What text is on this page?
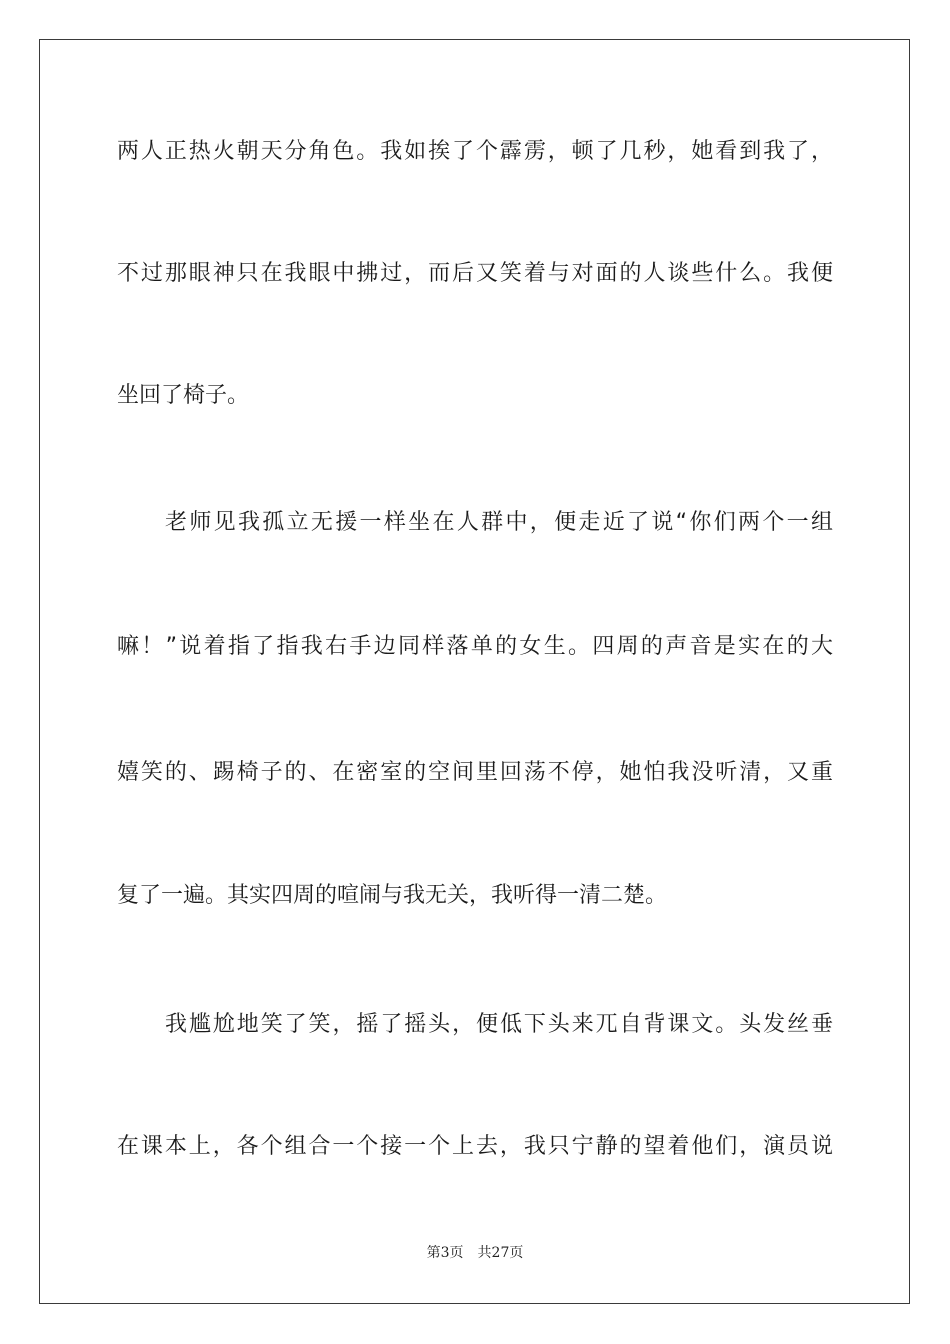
两人正热火朝天分角色。我如挨了个霹雳，顿了几秒，她看到我了，
不过那眼神只在我眼中拂过，而后又笑着与对面的人谈些什么。我便
坐回了椅子。
老师见我孤立无援一样坐在人群中，便走近了说“你们两个一组
嘛！”说着指了指我右手边同样落单的女生。四周的声音是实在的大
嬉笑的、踢椅子的、在密室的空间里回荡不停，她怕我没听清，又重
复了一遍。其实四周的喧闹与我无关，我听得一清二楚。
我尴尬地笑了笑，摇了摇头，便低下头来兀自背课文。头发丝垂
在课本上，各个组合一个接一个上去，我只宁静的望着他们，演员说
第3页 共27页
